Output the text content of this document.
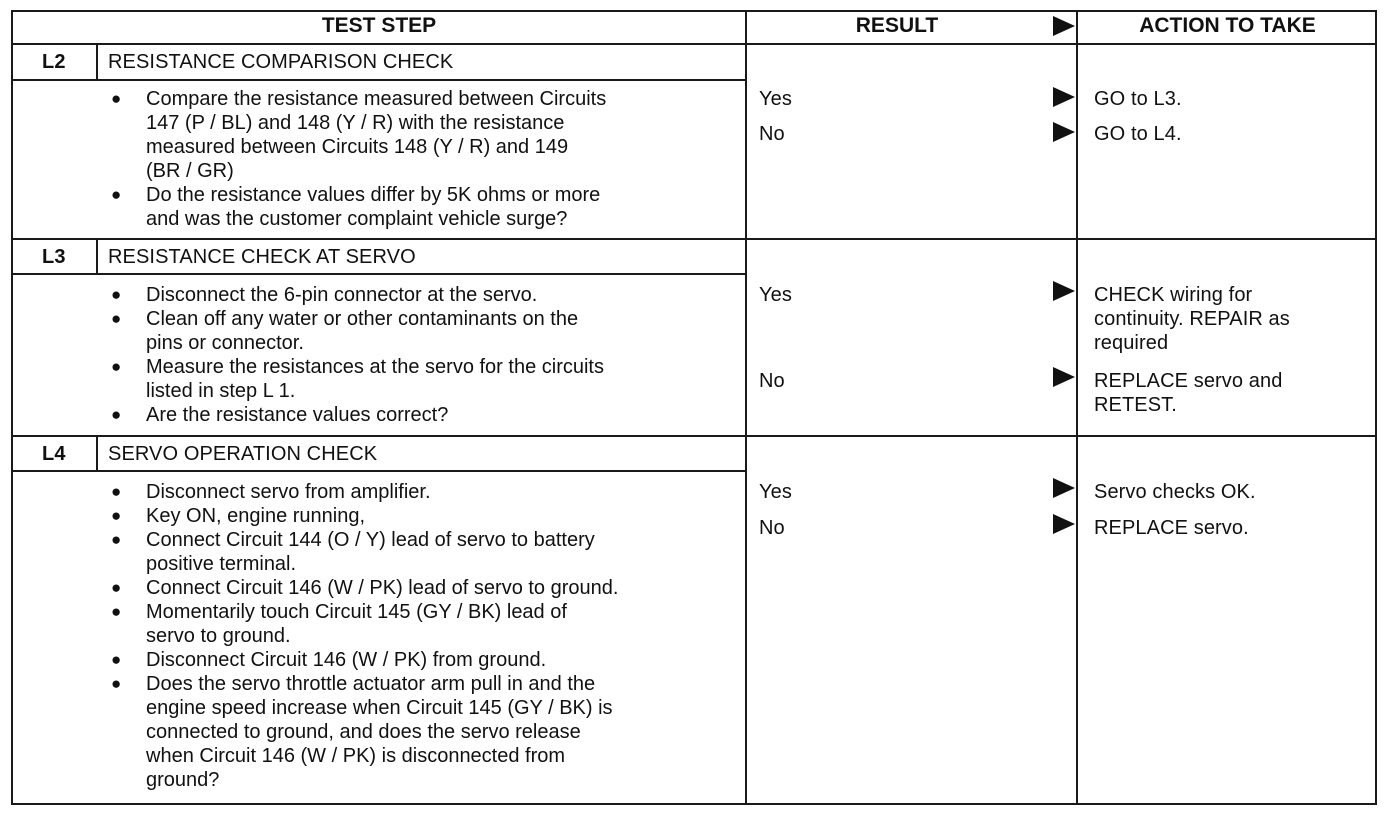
TEST STEP	RESULT	ACTION TO TAKE
L2 RESISTANCE COMPARISON CHECK
● Compare the resistance measured between Circuits
147 (P / BL) and 148 (Y / R) with the resistance
measured between Circuits 148 (Y / R) and 149
(BR / GR)
● Do the resistance values differ by 5K ohms or more
and was the customer complaint vehicle surge?
Yes	GO to L3.
No	GO to L4.
L3 RESISTANCE CHECK AT SERVO
● Disconnect the 6-pin connector at the servo.
● Clean off any water or other contaminants on the
pins or connector.
● Measure the resistances at the servo for the circuits
listed in step L 1.
● Are the resistance values correct?
Yes	CHECK wiring for
continuity. REPAIR as
required
No	REPLACE servo and
RETEST.
L4 SERVO OPERATION CHECK
● Disconnect servo from amplifier.
● Key ON, engine running,
● Connect Circuit 144 (O / Y) lead of servo to battery
positive terminal.
● Connect Circuit 146 (W / PK) lead of servo to ground.
● Momentarily touch Circuit 145 (GY / BK) lead of
servo to ground.
● Disconnect Circuit 146 (W / PK) from ground.
● Does the servo throttle actuator arm pull in and the
engine speed increase when Circuit 145 (GY / BK) is
connected to ground, and does the servo release
when Circuit 146 (W / PK) is disconnected from
ground?
Yes	Servo checks OK.
No	REPLACE servo.
